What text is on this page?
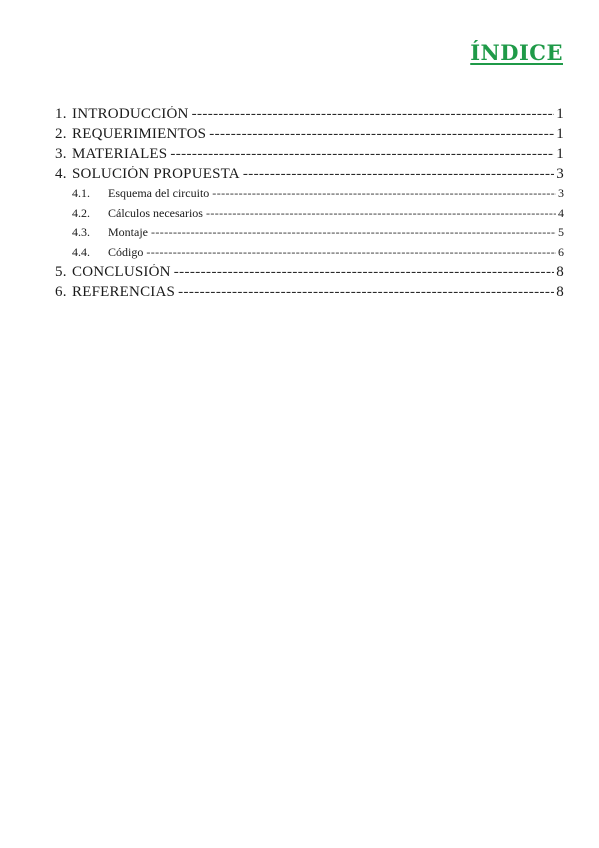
ÍNDICE
1. INTRODUCCIÓN -----	1
2. REQUERIMIENTOS -----	1
3. MATERIALES -----	1
4. SOLUCIÓN PROPUESTA -----	3
4.1.	Esquema del circuito -----	3
4.2.	Cálculos necesarios -----	4
4.3.	Montaje -----	5
4.4.	Código -----	6
5. CONCLUSIÓN -----	8
6. REFERENCIAS -----	8
